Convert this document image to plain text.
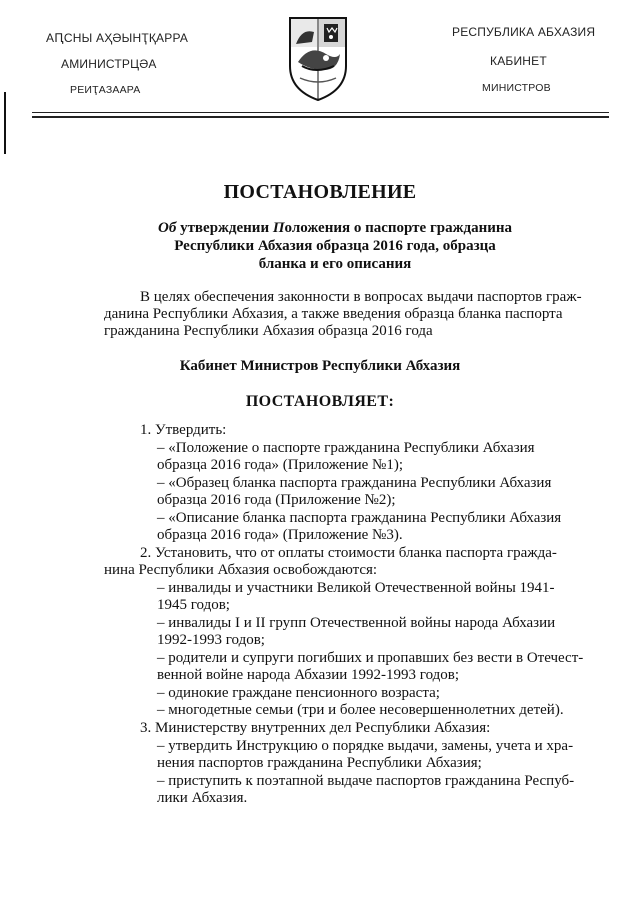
АԤСНЫ АҲӘЫНҬҚАРРА
АМИНИСТРЦӘА
РЕИҬАЗААРА
РЕСПУБЛИКА АБХАЗИЯ
КАБИНЕТ
МИНИСТРОВ
ПОСТАНОВЛЕНИЕ
Об утверждении Положения о паспорте гражданина
Республики Абхазия образца 2016 года, образца
бланка и его описания
В целях обеспечения законности в вопросах выдачи паспортов граж-
данина Республики Абхазия, а также введения образца бланка паспорта
гражданина Республики Абхазия образца 2016 года
Кабинет Министров Республики Абхазия
ПОСТАНОВЛЯЕТ:
1. Утвердить:
– «Положение о паспорте гражданина Республики Абхазия
образца 2016 года» (Приложение №1);
– «Образец бланка паспорта гражданина Республики Абхазия
образца 2016 года (Приложение №2);
– «Описание бланка паспорта гражданина Республики Абхазия
образца 2016 года» (Приложение №3).
2. Установить, что от оплаты стоимости бланка паспорта гражда-
нина Республики Абхазия освобождаются:
– инвалиды и участники Великой Отечественной войны 1941-
1945 годов;
– инвалиды I и II групп Отечественной войны народа Абхазии
1992-1993 годов;
– родители и супруги погибших и пропавших без вести в Отечест-
венной войне народа Абхазии 1992-1993 годов;
– одинокие граждане пенсионного возраста;
– многодетные семьи (три и более несовершеннолетних детей).
3. Министерству внутренних дел Республики Абхазия:
– утвердить Инструкцию о порядке выдачи, замены, учета и хра-
нения паспортов гражданина Республики Абхазия;
– приступить к поэтапной выдаче паспортов гражданина Респуб-
лики Абхазия.
